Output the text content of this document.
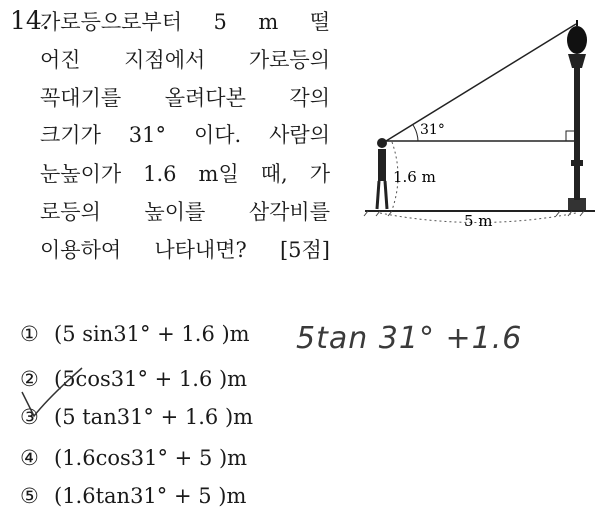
14.
가로등으로부터 5 m 떨
어진 지점에서 가로등의
꼭대기를 올려다본 각의
크기가 31° 이다. 사람의
눈높이가 1.6 m일 때, 가
로등의 높이를 삼각비를
이용하여 나타내면? [5점]
31°
1.6 m
5 m
① (5 sin31° + 1.6 )m
② (5cos31° + 1.6 )m
③ (5 tan31° + 1.6 )m
④ (1.6cos31° + 5 )m
⑤ (1.6tan31° + 5 )m
5tan 31° +1.6
